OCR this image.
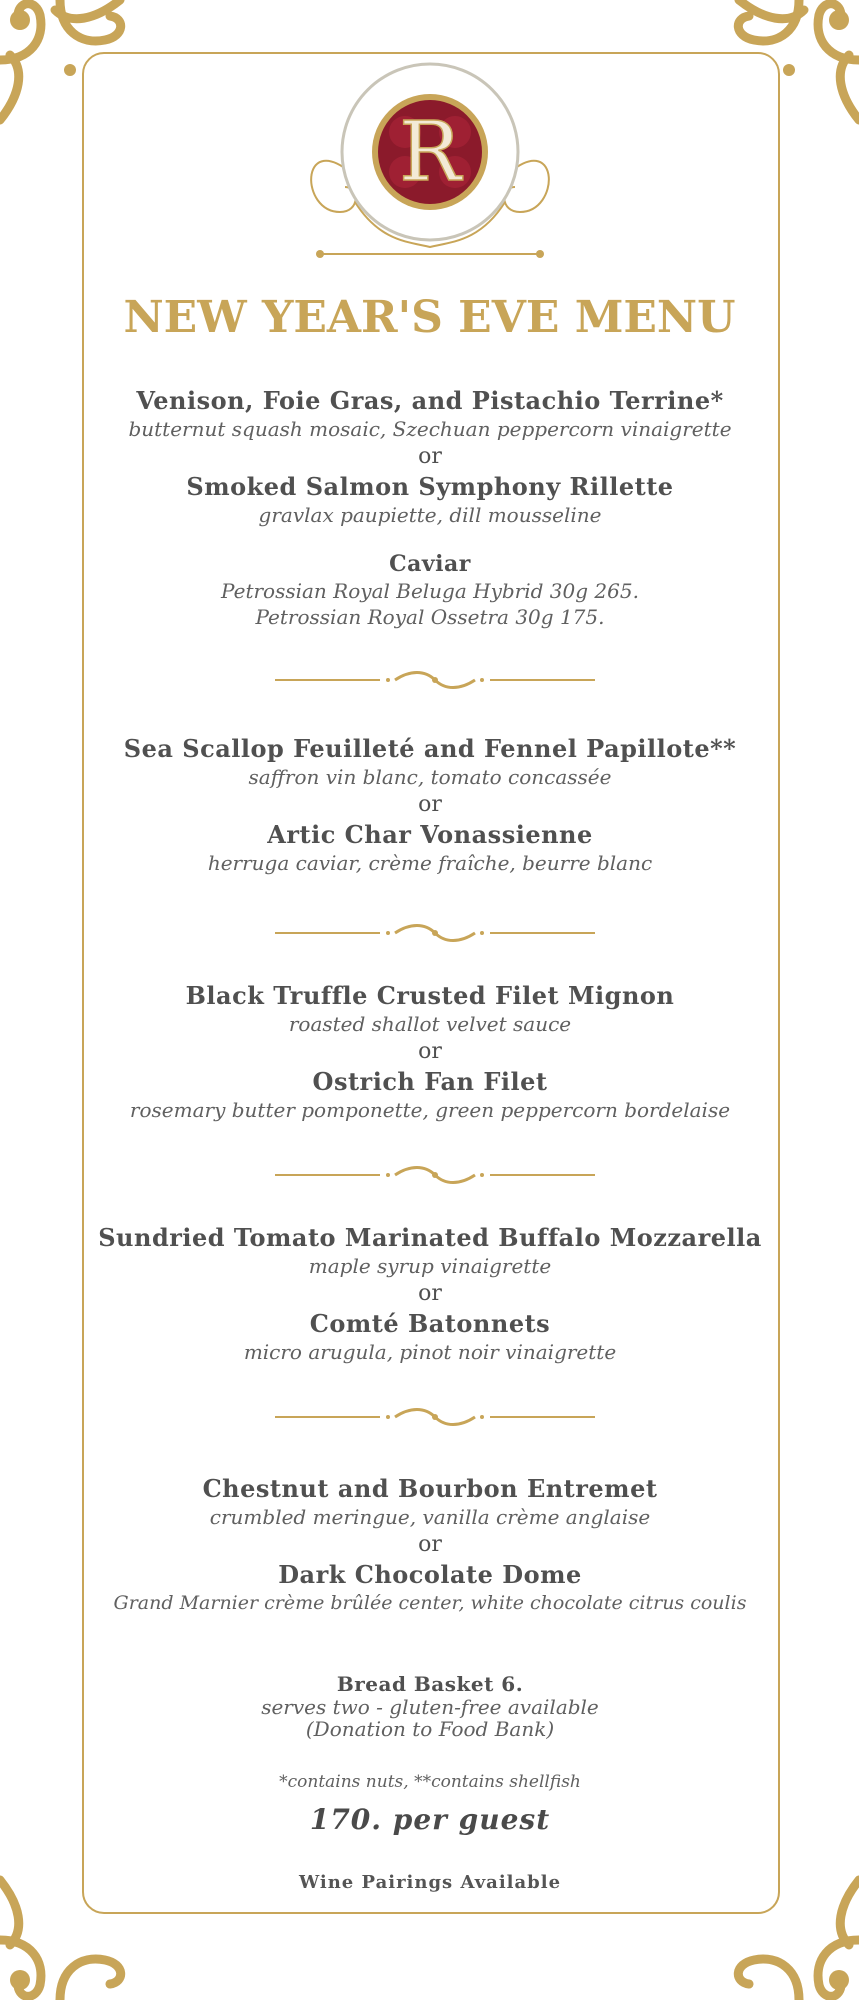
R
NEW YEAR'S EVE MENU

Venison, Foie Gras, and Pistachio Terrine*

butternut squash mosaic, Szechuan peppercorn vinaigrette

or

Smoked Salmon Symphony Rillette

gravlax paupiette, dill mousseline

Caviar

Petrossian Royal Beluga Hybrid 30g 265.

Petrossian Royal Ossetra 30g 175.

Sea Scallop Feuilleté and Fennel Papillote**

saffron vin blanc, tomato concassée

or

Artic Char Vonassienne

herruga caviar, crème fraîche, beurre blanc

Black Truffle Crusted Filet Mignon

roasted shallot velvet sauce

or

Ostrich Fan Filet

rosemary butter pomponette, green peppercorn bordelaise

Sundried Tomato Marinated Buffalo Mozzarella

maple syrup vinaigrette

or

Comté Batonnets

micro arugula, pinot noir vinaigrette

Chestnut and Bourbon Entremet

crumbled meringue, vanilla crème anglaise

or

Dark Chocolate Dome

Grand Marnier crème brûlée center, white chocolate citrus coulis

Bread Basket 6.

serves two - gluten-free available

(Donation to Food Bank)

*contains nuts, **contains shellfish
170. per guest
Wine Pairings Available
